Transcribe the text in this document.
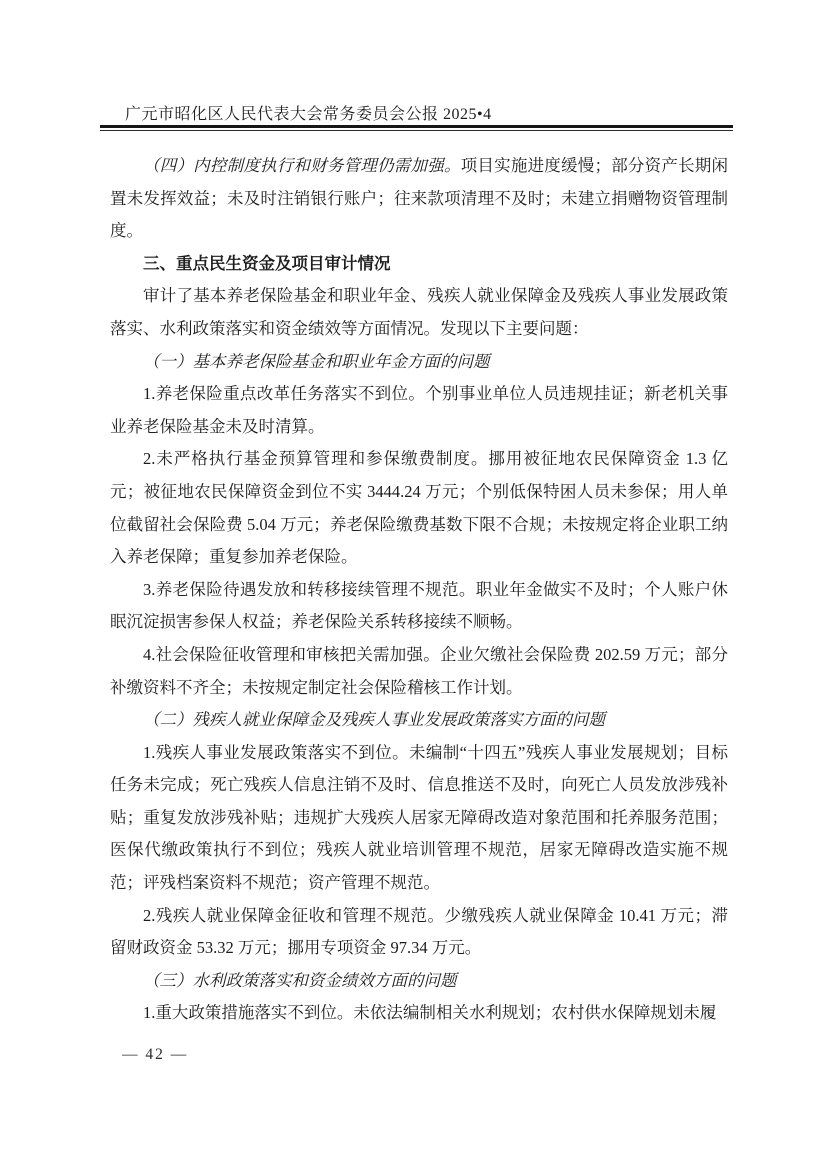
广元市昭化区人民代表大会常务委员会公报 2025•4

（四）内控制度执行和财务管理仍需加强。项目实施进度缓慢；部分资产长期闲置未发挥效益；未及时注销银行账户；往来款项清理不及时；未建立捐赠物资管理制度。

三、重点民生资金及项目审计情况

审计了基本养老保险基金和职业年金、残疾人就业保障金及残疾人事业发展政策落实、水利政策落实和资金绩效等方面情况。发现以下主要问题：

（一）基本养老保险基金和职业年金方面的问题

1.养老保险重点改革任务落实不到位。个别事业单位人员违规挂证；新老机关事业养老保险基金未及时清算。

2.未严格执行基金预算管理和参保缴费制度。挪用被征地农民保障资金 1.3 亿元；被征地农民保障资金到位不实 3444.24 万元；个别低保特困人员未参保；用人单位截留社会保险费 5.04 万元；养老保险缴费基数下限不合规；未按规定将企业职工纳入养老保障；重复参加养老保险。

3.养老保险待遇发放和转移接续管理不规范。职业年金做实不及时；个人账户休眠沉淀损害参保人权益；养老保险关系转移接续不顺畅。

4.社会保险征收管理和审核把关需加强。企业欠缴社会保险费 202.59 万元；部分补缴资料不齐全；未按规定制定社会保险稽核工作计划。

（二）残疾人就业保障金及残疾人事业发展政策落实方面的问题

1.残疾人事业发展政策落实不到位。未编制“十四五”残疾人事业发展规划；目标任务未完成；死亡残疾人信息注销不及时、信息推送不及时，向死亡人员发放涉残补贴；重复发放涉残补贴；违规扩大残疾人居家无障碍改造对象范围和托养服务范围；医保代缴政策执行不到位；残疾人就业培训管理不规范，居家无障碍改造实施不规范；评残档案资料不规范；资产管理不规范。

2.残疾人就业保障金征收和管理不规范。少缴残疾人就业保障金 10.41 万元；滞留财政资金 53.32 万元；挪用专项资金 97.34 万元。

（三）水利政策落实和资金绩效方面的问题

1.重大政策措施落实不到位。未依法编制相关水利规划；农村供水保障规划未履

— 42 —
